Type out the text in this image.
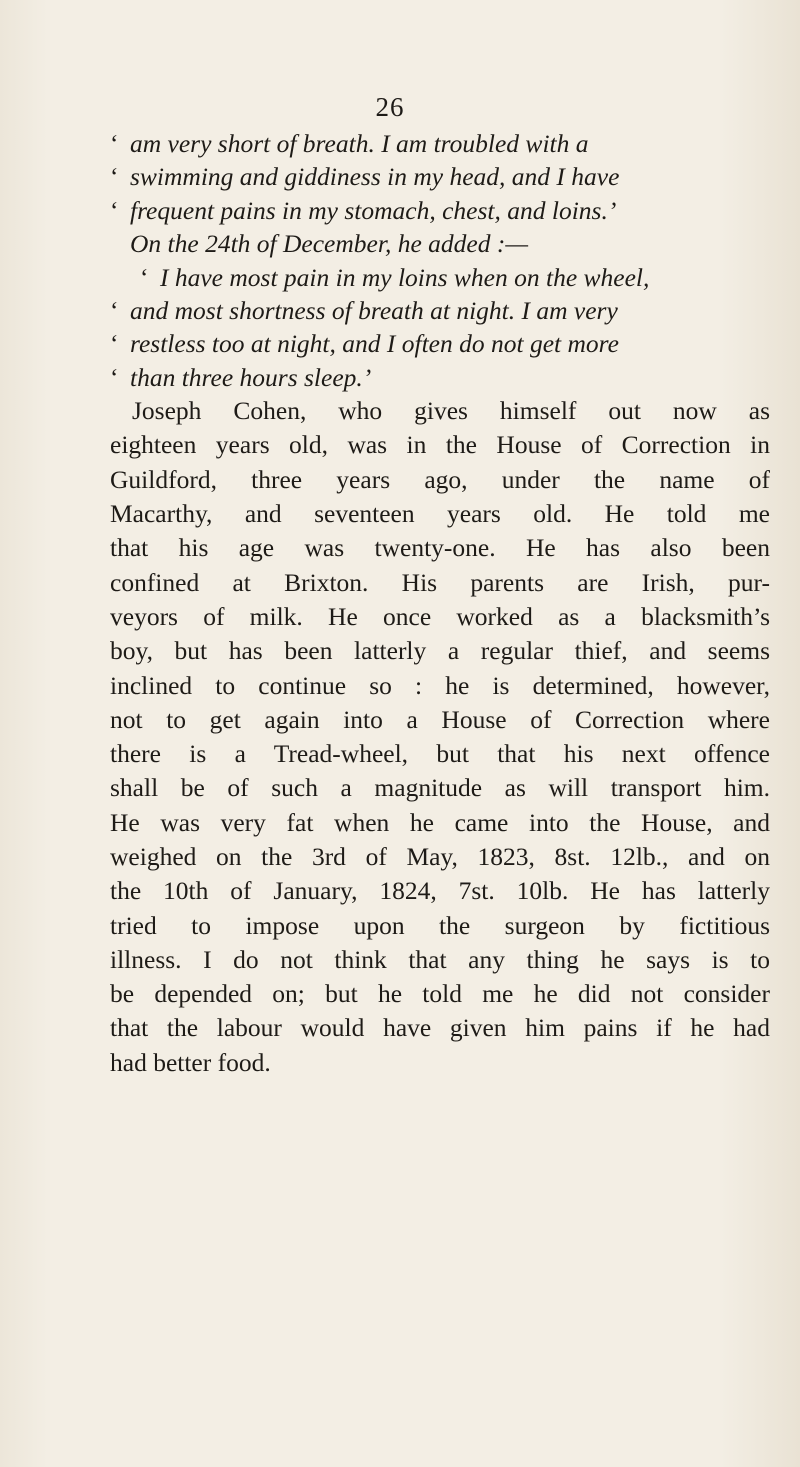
26
‘ am very short of breath. I am troubled with a
‘ swimming and giddiness in my head, and I have
‘ frequent pains in my stomach, chest, and loins.’
On the 24th of December, he added :—
‘ I have most pain in my loins when on the wheel,
‘ and most shortness of breath at night. I am very
‘ restless too at night, and I often do not get more
‘ than three hours sleep.’
Joseph Cohen, who gives himself out now as
eighteen years old, was in the House of Correction in
Guildford, three years ago, under the name of
Macarthy, and seventeen years old. He told me
that his age was twenty-one. He has also been
confined at Brixton. His parents are Irish, pur-
veyors of milk. He once worked as a blacksmith’s
boy, but has been latterly a regular thief, and seems
inclined to continue so : he is determined, however,
not to get again into a House of Correction where
there is a Tread-wheel, but that his next offence
shall be of such a magnitude as will transport him.
He was very fat when he came into the House, and
weighed on the 3rd of May, 1823, 8st. 12lb., and on
the 10th of January, 1824, 7st. 10lb. He has latterly
tried to impose upon the surgeon by fictitious
illness. I do not think that any thing he says is to
be depended on; but he told me he did not consider
that the labour would have given him pains if he had
had better food.
